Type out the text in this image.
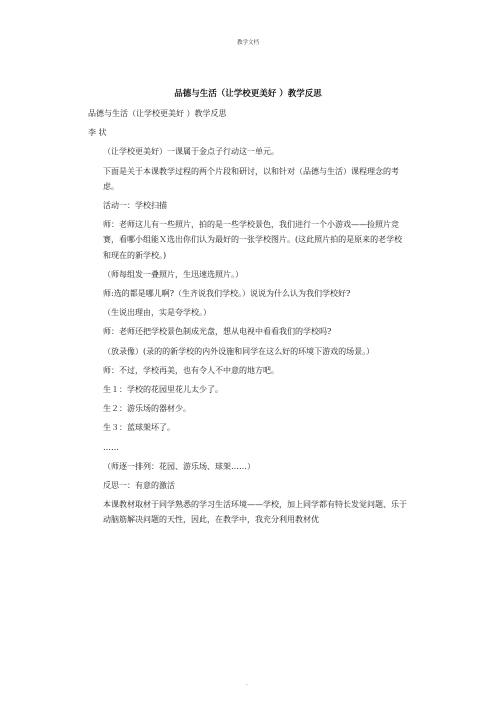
教学文档
品德与生活（让学校更美好 ）教学反思

品德与生活（让学校更美好 ）教学反思

李 状

（让学校更美好）一课属于金点子行动这一单元。

下面是关于本课教学过程的两个片段和研讨，以和针对（品德与生活）课程理念的考虑。

活动一：学校扫描

师：老师这儿有一些照片，拍的是一些学校景色，我们进行一个小游戏——捡照片竞赛，看哪小组能Ｘ选出你们认为最好的一张学校图片。(这此照片拍的是原来的老学校和现在的新学校。)

（师每组发一叠照片，生迅速选照片。）

师:选的都是哪儿啊?（生齐说我们学校。）说说为什么认为我们学校好?

（生说出理由，实是夸学校。）

师：老师还把学校景色制成光盘，想从电视中看看我们的学校吗?

（放录像）(录的的新学校的内外设施和同学在这么好的环境下游戏的场景。）

师：不过，学校再美，也有令人不中意的地方吧。

生１：学校的花园里花儿太少了。

生２：游乐场的器材少。

生３：蓝球架坏了。

……

（师逐一排列：花园、游乐场、球架……）

反思一：有意的激活

本课教材取材于同学熟悉的学习生活环境——学校，加上同学都有特长发觉问题、乐于动脑筋解决问题的天性，因此，在教学中，我充分利用教材优

.
